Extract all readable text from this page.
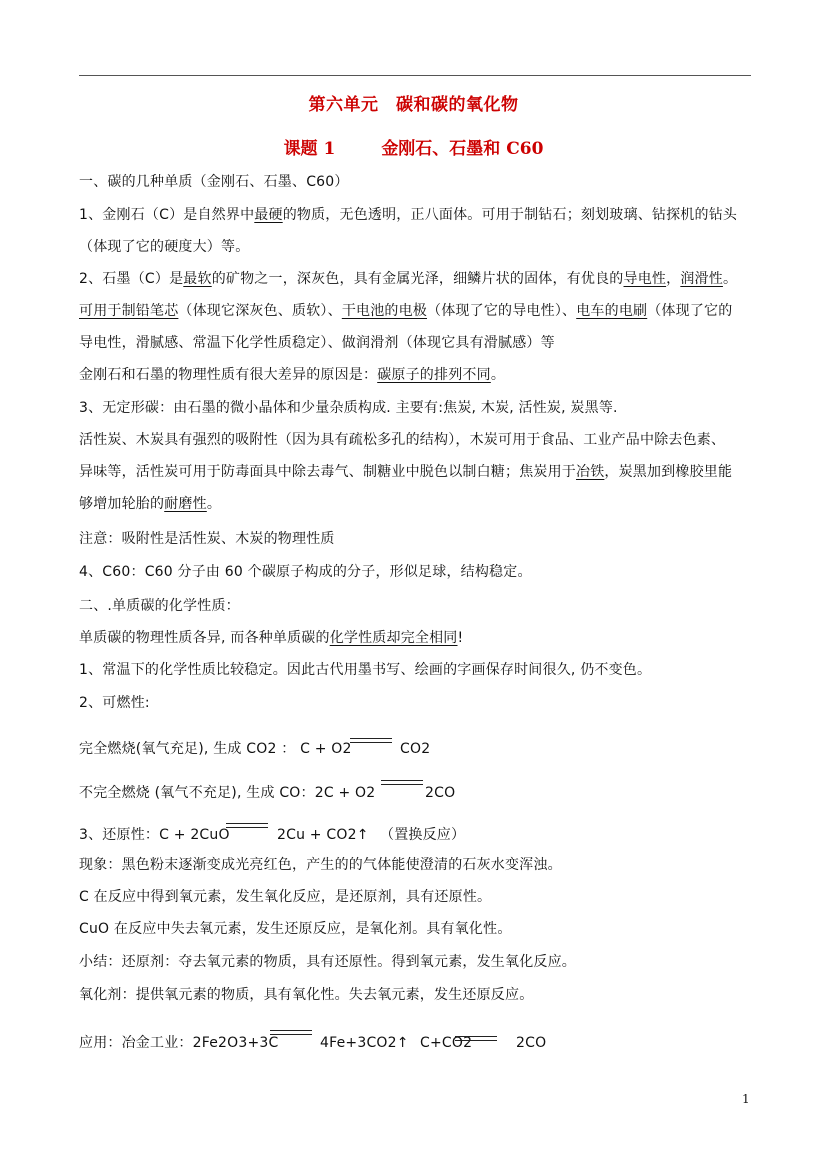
第六单元　碳和碳的氧化物
课题 1	金刚石、石墨和 C60
一、碳的几种单质（金刚石、石墨、C60）
1、金刚石（C）是自然界中最硬的物质，无色透明，正八面体。可用于制钻石；刻划玻璃、钻探机的钻头
（体现了它的硬度大）等。
2、石墨（C）是最软的矿物之一，深灰色，具有金属光泽，细鳞片状的固体，有优良的导电性，润滑性。
可用于制铅笔芯（体现它深灰色、质软）、干电池的电极（体现了它的导电性）、电车的电刷（体现了它的
导电性，滑腻感、常温下化学性质稳定）、做润滑剂（体现它具有滑腻感）等
金刚石和石墨的物理性质有很大差异的原因是：碳原子的排列不同。
3、无定形碳：由石墨的微小晶体和少量杂质构成. 主要有:焦炭, 木炭, 活性炭, 炭黑等.
活性炭、木炭具有强烈的吸附性（因为具有疏松多孔的结构），木炭可用于食品、工业产品中除去色素、
异味等，活性炭可用于防毒面具中除去毒气、制糖业中脱色以制白糖；焦炭用于冶铁，炭黑加到橡胶里能
够增加轮胎的耐磨性。
注意：吸附性是活性炭、木炭的物理性质
4、C60：C60 分子由 60 个碳原子构成的分子，形似足球，结构稳定。
二、.单质碳的化学性质：
单质碳的物理性质各异, 而各种单质碳的化学性质却完全相同!
1、常温下的化学性质比较稳定。因此古代用墨书写、绘画的字画保存时间很久, 仍不变色。
2、可燃性:
完全燃烧(氧气充足), 生成 CO2 ： C + O2	CO2
不完全燃烧 (氧气不充足), 生成 CO：2C + O2	2CO
3、还原性：C + 2CuO	2Cu + CO2↑ （置换反应）
现象：黑色粉末逐渐变成光亮红色，产生的的气体能使澄清的石灰水变浑浊。
C 在反应中得到氧元素，发生氧化反应，是还原剂，具有还原性。
CuO 在反应中失去氧元素，发生还原反应，是氧化剂。具有氧化性。
小结：还原剂：夺去氧元素的物质，具有还原性。得到氧元素，发生氧化反应。
氧化剂：提供氧元素的物质，具有氧化性。失去氧元素，发生还原反应。
应用：冶金工业：2Fe2O3+3C	4Fe+3CO2↑ C+CO2	2CO
1
